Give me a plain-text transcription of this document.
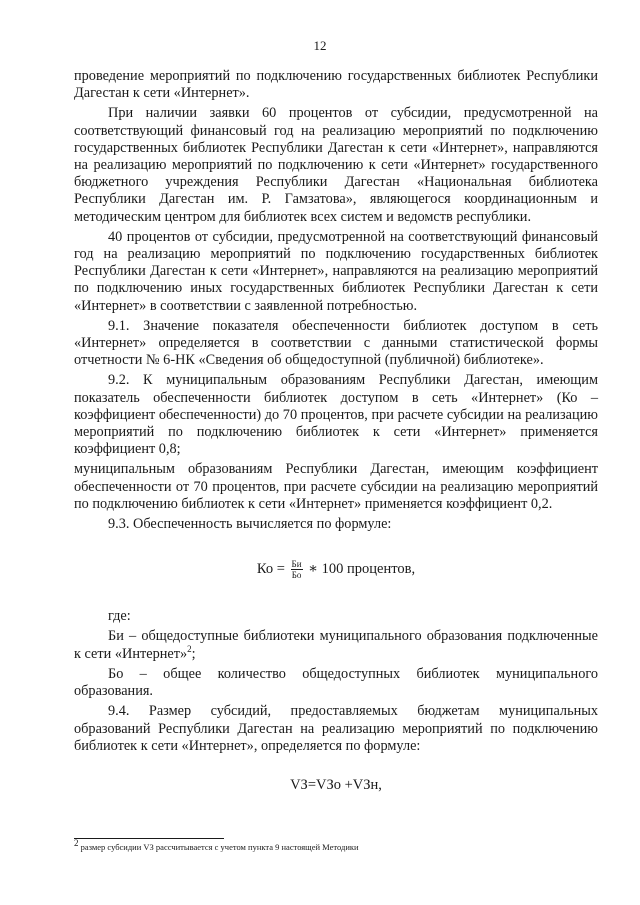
12

проведение мероприятий по подключению государственных библиотек Республики Дагестан к сети «Интернет».

При наличии заявки 60 процентов от субсидии, предусмотренной на соответствующий финансовый год на реализацию мероприятий по подключению государственных библиотек Республики Дагестан к сети «Интернет», направляются на реализацию мероприятий по подключению к сети «Интернет» государственного бюджетного учреждения Республики Дагестан «Национальная библиотека Республики Дагестан им. Р. Гамзатова», являющегося координационным и методическим центром для библиотек всех систем и ведомств республики.

40 процентов от субсидии, предусмотренной на соответствующий финансовый год на реализацию мероприятий по подключению государственных библиотек Республики Дагестан к сети «Интернет», направляются на реализацию мероприятий по подключению иных государственных библиотек Республики Дагестан к сети «Интернет» в соответствии с заявленной потребностью.

9.1. Значение показателя обеспеченности библиотек доступом в сеть «Интернет» определяется в соответствии с данными статистической формы отчетности № 6-НК «Сведения об общедоступной (публичной) библиотеке».

9.2. К муниципальным образованиям Республики Дагестан, имеющим показатель обеспеченности библиотек доступом в сеть «Интернет» (Ко – коэффициент обеспеченности) до 70 процентов, при расчете субсидии на реализацию мероприятий по подключению библиотек к сети «Интернет» применяется коэффициент 0,8;

муниципальным образованиям Республики Дагестан, имеющим коэффициент обеспеченности от 70 процентов, при расчете субсидии на реализацию мероприятий по подключению библиотек к сети «Интернет» применяется коэффициент 0,2.

9.3. Обеспеченность вычисляется по формуле:

Ко = $\frac{Би}{Бо}$ ∗ 100 процентов,

где:

Би – общедоступные библиотеки муниципального образования подключенные к сети «Интернет»$^2$;

Бо – общее количество общедоступных библиотек муниципального образования.

9.4. Размер субсидий, предоставляемых бюджетам муниципальных образований Республики Дагестан на реализацию мероприятий по подключению библиотек к сети «Интернет», определяется по формуле:

VЗ=VЗо +VЗн,
$^2$ размер субсидии VЗ рассчитывается с учетом пункта 9 настоящей Методики
